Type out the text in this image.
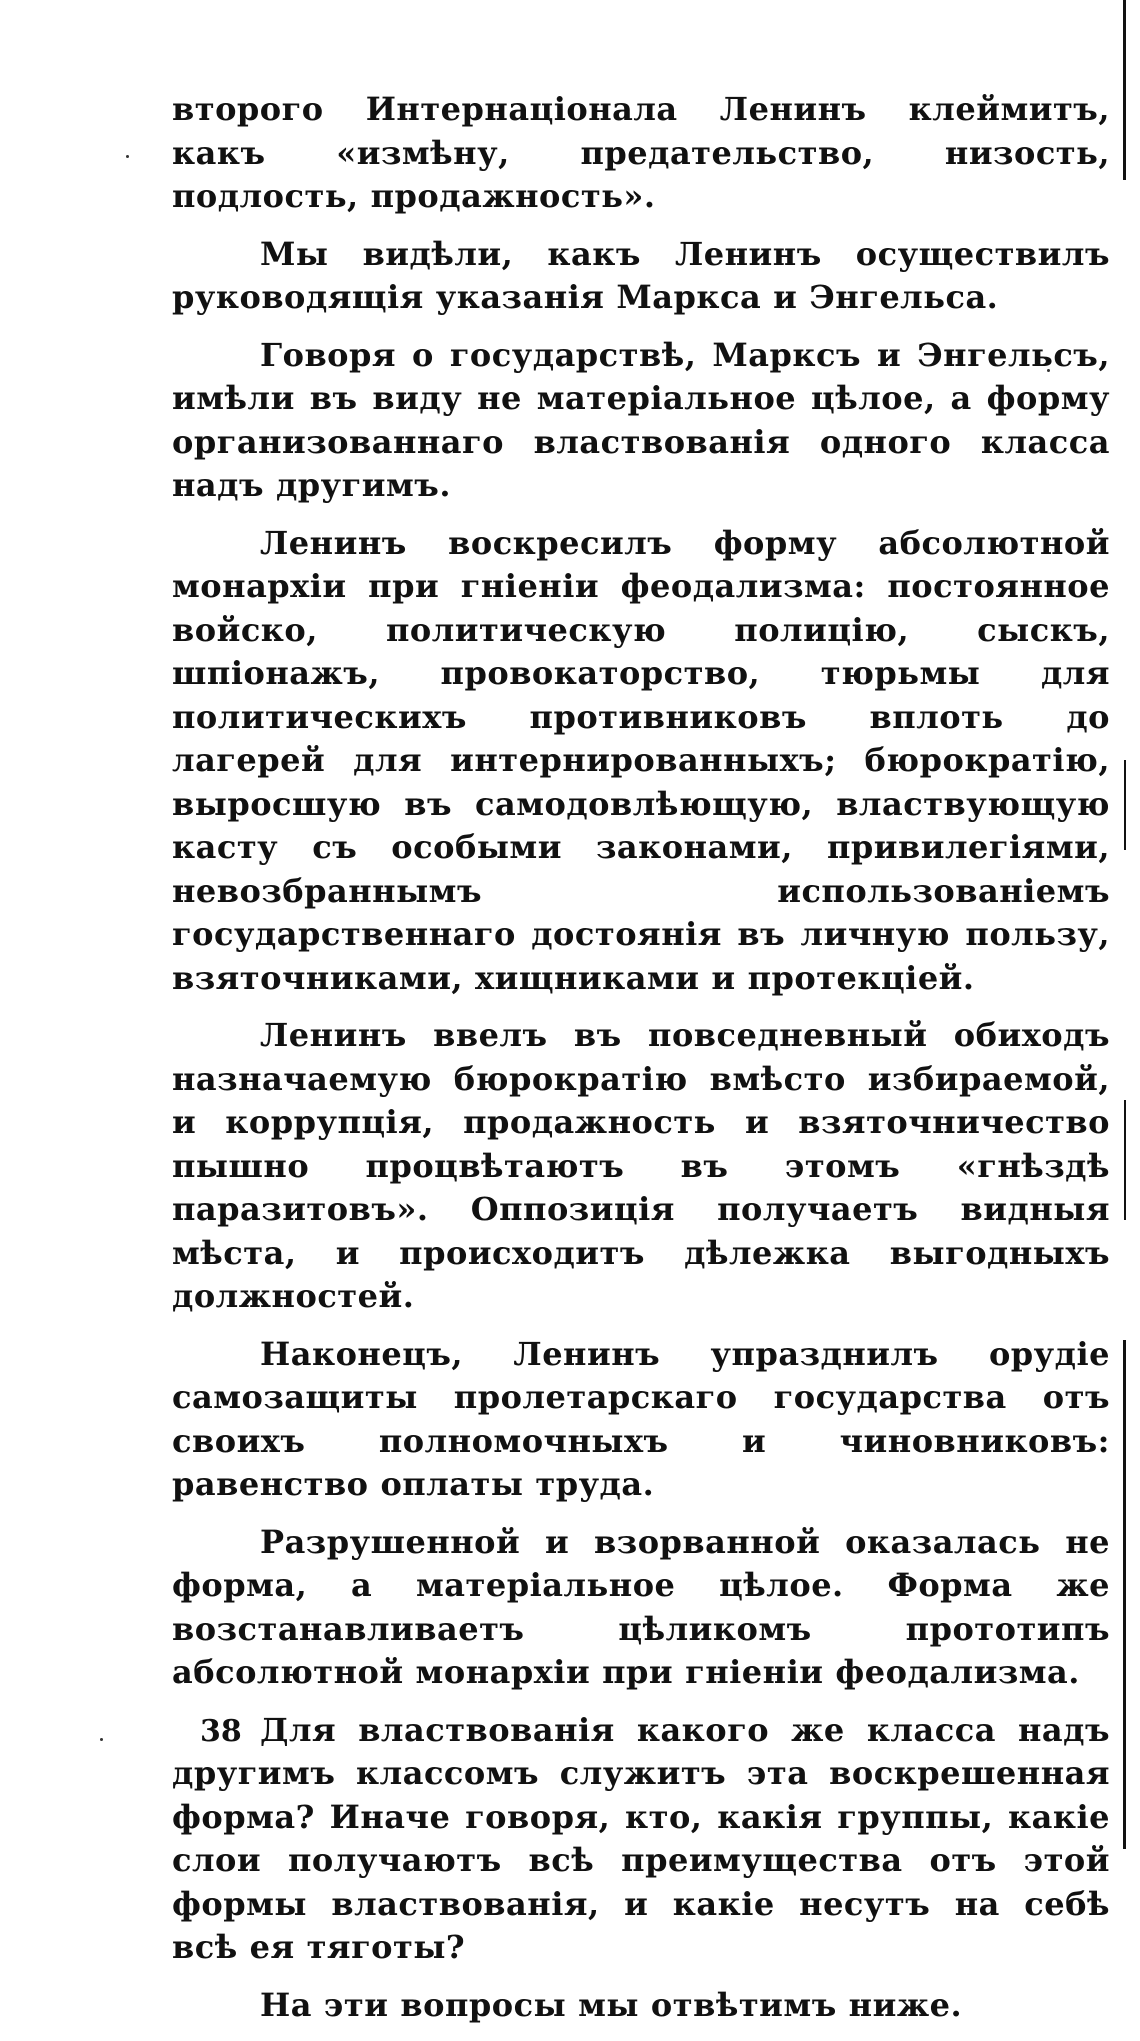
второго Интернаціонала Ленинъ клеймитъ, какъ «измѣну, предательство, низость, подлость, продажность».

Мы видѣли, какъ Ленинъ осуществилъ руководящія указанія Маркса и Энгельса.

Говоря о государствѣ, Марксъ и Энгельсъ, имѣли въ виду не матеріальное цѣлое, а форму организованнаго властвованія одного класса надъ другимъ.

Ленинъ воскресилъ форму абсолютной монархіи при гніеніи феодализма: постоянное войско, политическую полицію, сыскъ, шпіонажъ, провокаторство, тюрьмы для политическихъ противниковъ вплоть до лагерей для интернированныхъ; бюрократію, выросшую въ самодовлѣющую, властвующую касту съ особыми законами, привилегіями, невозбраннымъ использованіемъ государственнаго достоянія въ личную пользу, взяточниками, хищниками и протекціей.

Ленинъ ввелъ въ повседневный обиходъ назначаемую бюрократію вмѣсто избираемой, и коррупція, продажность и взяточничество пышно процвѣтаютъ въ этомъ «гнѣздѣ паразитовъ». Оппозиція получаетъ видныя мѣста, и происходитъ дѣлежка выгодныхъ должностей.

Наконецъ, Ленинъ упразднилъ орудіе самозащиты пролетарскаго государства отъ своихъ полномочныхъ и чиновниковъ: равенство оплаты труда.

Разрушенной и взорванной оказалась не форма, а матеріальное цѣлое. Форма же возстанавливаетъ цѣликомъ прототипъ абсолютной монархіи при гніеніи феодализма.

Для властвованія какого же класса надъ другимъ классомъ служитъ эта воскрешенная форма? Иначе говоря, кто, какія группы, какіе слои получаютъ всѣ преимущества отъ этой формы властвованія, и какіе несутъ на себѣ всѣ ея тяготы?

На эти вопросы мы отвѣтимъ ниже.

38
